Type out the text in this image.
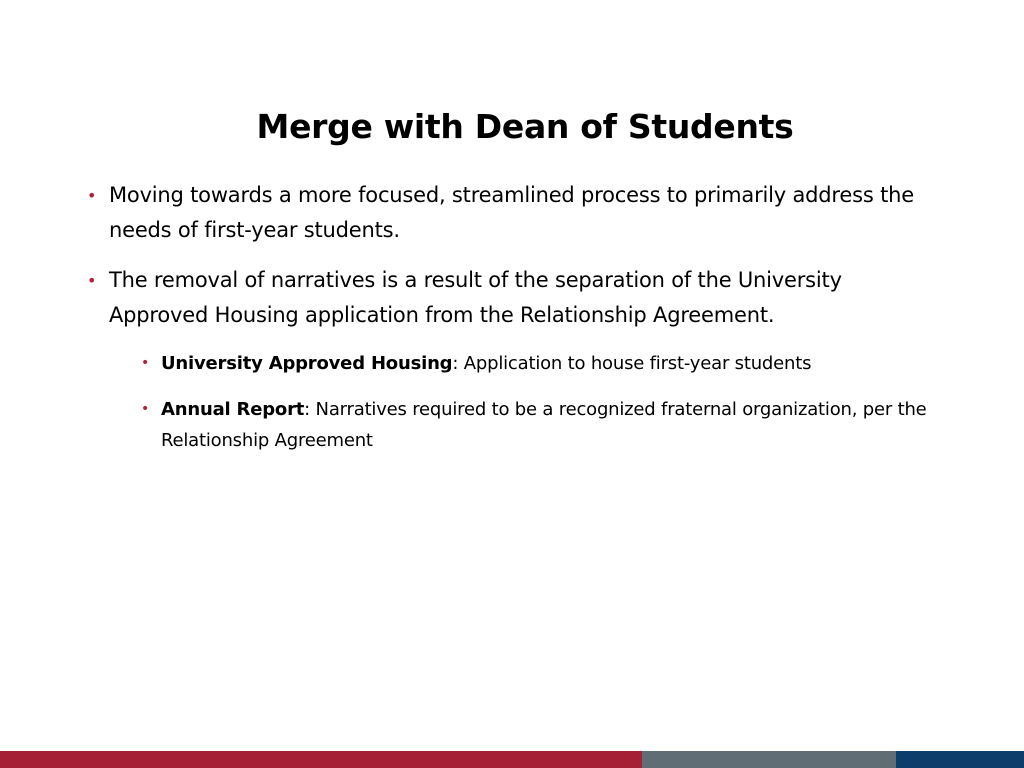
Merge with Dean of Students
• Moving towards a more focused, streamlined process to primarily address the needs of first-year students.
• The removal of narratives is a result of the separation of the University Approved Housing application from the Relationship Agreement.
• University Approved Housing: Application to house first-year students
• Annual Report: Narratives required to be a recognized fraternal organization, per the Relationship Agreement
